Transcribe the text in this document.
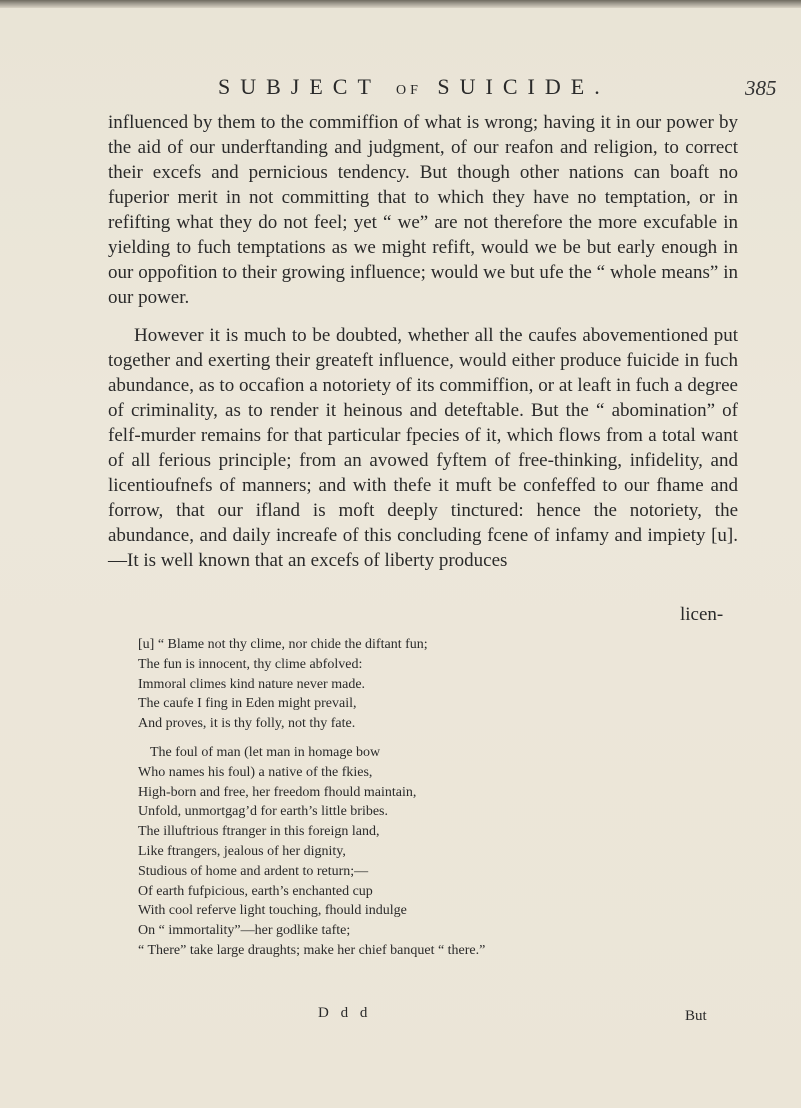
SUBJECT OF SUICIDE.	385

influenced by them to the commiffion of what is wrong; having it in our power by the aid of our underftanding and judgment, of our reafon and religion, to correct their excefs and pernicious tendency. But though other nations can boaft no fuperior merit in not committing that to which they have no temptation, or in refifting what they do not feel; yet “ we” are not therefore the more excufable in yielding to fuch temptations as we might refift, would we be but early enough in our oppofition to their growing influence; would we but ufe the “ whole means” in our power.

However it is much to be doubted, whether all the caufes abovementioned put together and exerting their greateft influence, would either produce fuicide in fuch abundance, as to occafion a notoriety of its commiffion, or at leaft in fuch a degree of criminality, as to render it heinous and deteftable. But the “ abomination” of felf-murder remains for that particular fpecies of it, which flows from a total want of all ferious principle; from an avowed fyftem of free-thinking, infidelity, and licentioufnefs of manners; and with thefe it muft be confeffed to our fhame and forrow, that our ifland is moft deeply tinctured: hence the notoriety, the abundance, and daily increafe of this concluding fcene of infamy and impiety [u].—It is well known that an excefs of liberty produces

licen-
[u] “ Blame not thy clime, nor chide the diftant fun;
The fun is innocent, thy clime abfolved:
Immoral climes kind nature never made.
The caufe I fing in Eden might prevail,
And proves, it is thy folly, not thy fate.
The foul of man (let man in homage bow
Who names his foul) a native of the fkies,
High-born and free, her freedom fhould maintain,
Unfold, unmortgag’d for earth’s little bribes.
The illuftrious ftranger in this foreign land,
Like ftrangers, jealous of her dignity,
Studious of home and ardent to return;—
Of earth fufpicious, earth’s enchanted cup
With cool referve light touching, fhould indulge
On “ immortality”—her godlike tafte;
“ There” take large draughts; make her chief banquet “ there.”
D d d	But
